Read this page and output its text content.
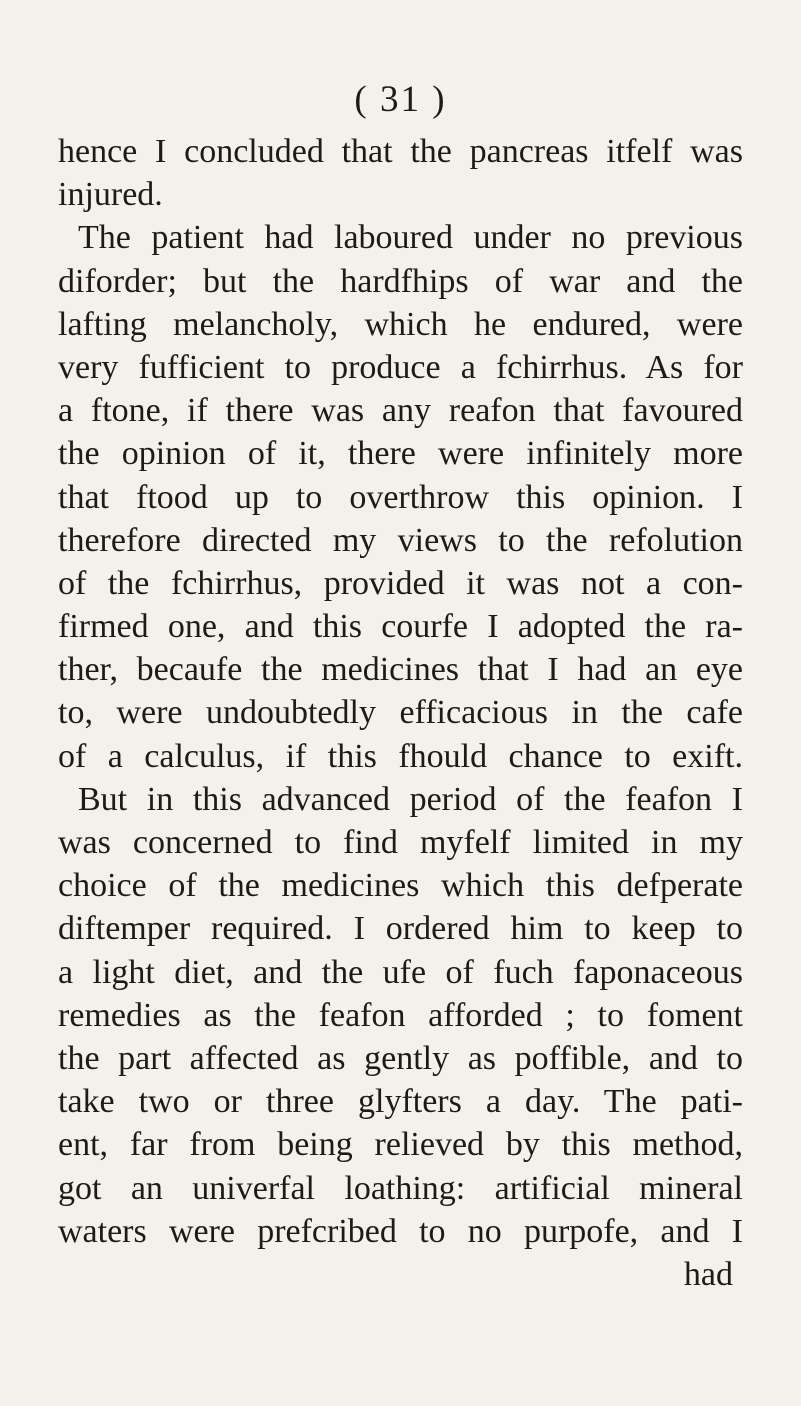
( 31 )
hence I concluded that the pancreas itfelf was
injured.
The patient had laboured under no previous
diforder; but the hardfhips of war and the
lafting melancholy, which he endured, were
very fufficient to produce a fchirrhus. As for
a ftone, if there was any reafon that favoured
the opinion of it, there were infinitely more
that ftood up to overthrow this opinion. I
therefore directed my views to the refolution
of the fchirrhus, provided it was not a con-
firmed one, and this courfe I adopted the ra-
ther, becaufe the medicines that I had an eye
to, were undoubtedly efficacious in the cafe
of a calculus, if this fhould chance to exift.
But in this advanced period of the feafon I
was concerned to find myfelf limited in my
choice of the medicines which this defperate
diftemper required. I ordered him to keep to
a light diet, and the ufe of fuch faponaceous
remedies as the feafon afforded ; to foment
the part affected as gently as poffible, and to
take two or three glyfters a day. The pati-
ent, far from being relieved by this method,
got an univerfal loathing: artificial mineral
waters were prefcribed to no purpofe, and I
had
